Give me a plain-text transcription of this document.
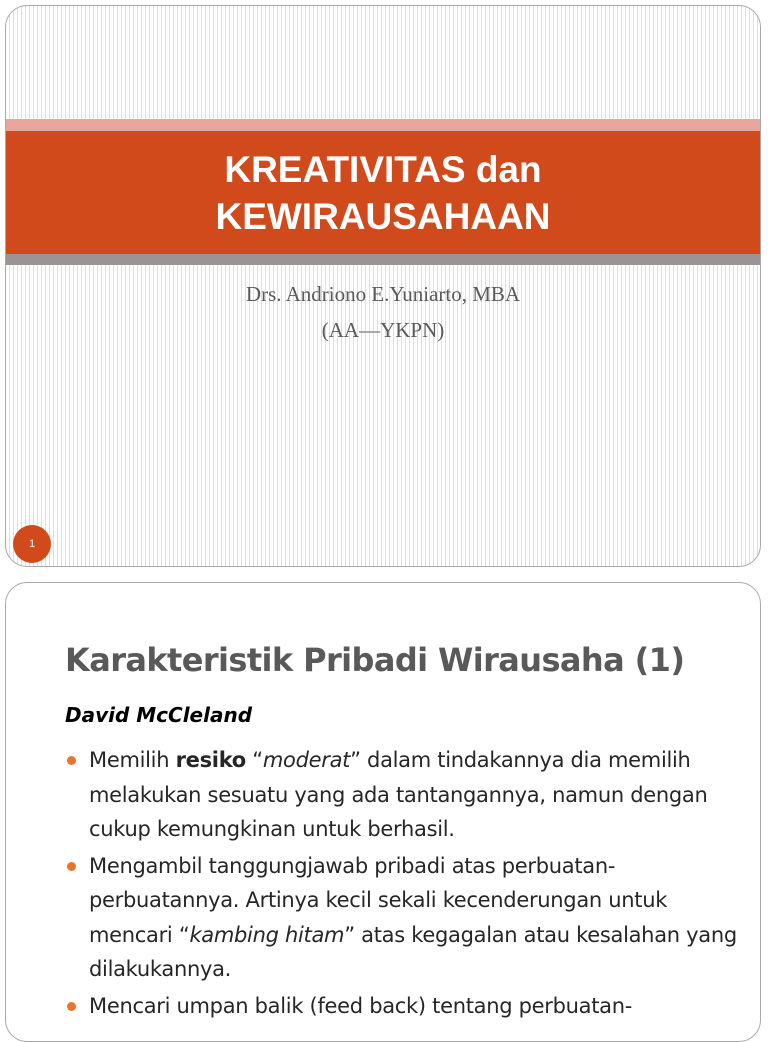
KREATIVITAS dan
KEWIRAUSAHAAN
Drs. Andriono E.Yuniarto, MBA
(AA—YKPN)
1
Karakteristik Pribadi Wirausaha (1)
David McCleland
Memilih resiko “moderat” dalam tindakannya dia memilih melakukan sesuatu yang ada tantangannya, namun dengan cukup kemungkinan untuk berhasil.
Mengambil tanggungjawab pribadi atas perbuatan-perbuatannya. Artinya kecil sekali kecenderungan untuk mencari “kambing hitam” atas kegagalan atau kesalahan yang dilakukannya.
Mencari umpan balik (feed back) tentang perbuatan-
